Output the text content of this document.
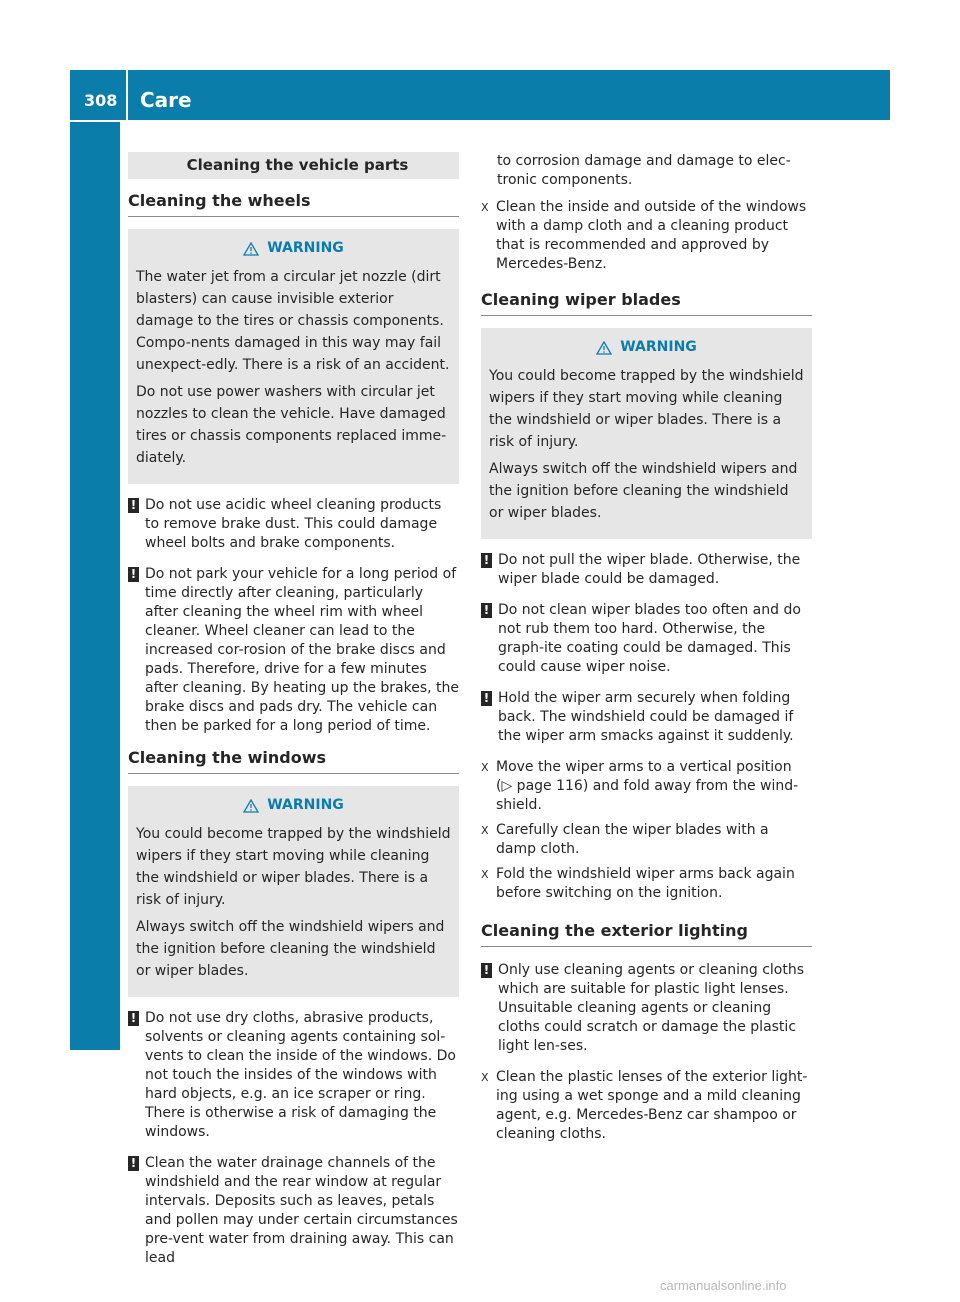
308 Care
Maintenance and care
Cleaning the vehicle parts
Cleaning the wheels
WARNING

The water jet from a circular jet nozzle (dirt blasters) can cause invisible exterior damage to the tires or chassis components. Compo-nents damaged in this way may fail unexpect-edly. There is a risk of an accident.

Do not use power washers with circular jet nozzles to clean the vehicle. Have damaged tires or chassis components replaced imme-diately.

! Do not use acidic wheel cleaning products to remove brake dust. This could damage wheel bolts and brake components.
! Do not park your vehicle for a long period of time directly after cleaning, particularly after cleaning the wheel rim with wheel cleaner. Wheel cleaner can lead to the increased cor-rosion of the brake discs and pads. Therefore, drive for a few minutes after cleaning. By heating up the brakes, the brake discs and pads dry. The vehicle can then be parked for a long period of time.
Cleaning the windows
WARNING

You could become trapped by the windshield wipers if they start moving while cleaning the windshield or wiper blades. There is a risk of injury.

Always switch off the windshield wipers and the ignition before cleaning the windshield or wiper blades.

! Do not use dry cloths, abrasive products, solvents or cleaning agents containing sol-vents to clean the inside of the windows. Do not touch the insides of the windows with hard objects, e.g. an ice scraper or ring. There is otherwise a risk of damaging the windows.
! Clean the water drainage channels of the windshield and the rear window at regular intervals. Deposits such as leaves, petals and pollen may under certain circumstances pre-vent water from draining away. This can lead
to corrosion damage and damage to elec-tronic components.
X Clean the inside and outside of the windows with a damp cloth and a cleaning product that is recommended and approved by Mercedes-Benz.
Cleaning wiper blades
WARNING

You could become trapped by the windshield wipers if they start moving while cleaning the windshield or wiper blades. There is a risk of injury.

Always switch off the windshield wipers and the ignition before cleaning the windshield or wiper blades.

! Do not pull the wiper blade. Otherwise, the wiper blade could be damaged.
! Do not clean wiper blades too often and do not rub them too hard. Otherwise, the graph-ite coating could be damaged. This could cause wiper noise.
! Hold the wiper arm securely when folding back. The windshield could be damaged if the wiper arm smacks against it suddenly.
X Move the wiper arms to a vertical position (▷ page 116) and fold away from the wind-shield.
X Carefully clean the wiper blades with a damp cloth.
X Fold the windshield wiper arms back again before switching on the ignition.
Cleaning the exterior lighting
! Only use cleaning agents or cleaning cloths which are suitable for plastic light lenses. Unsuitable cleaning agents or cleaning cloths could scratch or damage the plastic light len-ses.
X Clean the plastic lenses of the exterior light-ing using a wet sponge and a mild cleaning agent, e.g. Mercedes-Benz car shampoo or cleaning cloths.
carmanualsonline.info
